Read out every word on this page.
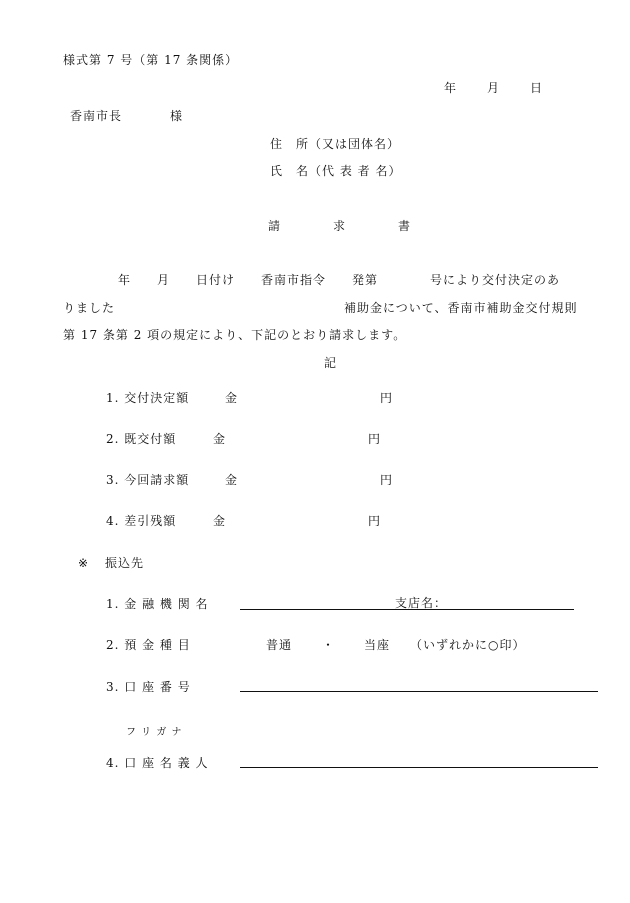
様式第 7 号（第 17 条関係）
年 月 日
香南市長	様
住　所（又は団体名）
氏　名（代 表 者 名）
請　　　　求　　　　書
年　　月　　日付け　　香南市指令　　発第　　　　号により交付決定のあ
りました	補助金について、香南市補助金交付規則
第 17 条第 2 項の規定により、下記のとおり請求します。
記
1. 交付決定額	金	円
2. 既交付額	金	円
3. 今回請求額	金	円
4. 差引残額	金	円
※ 振込先
1. 金 融 機 関 名	支店名：
2. 預 金 種 目	普通 ・ 当座 （いずれかに○印）
3. 口 座 番 号
フ リ ガ ナ
4. 口 座 名 義 人
